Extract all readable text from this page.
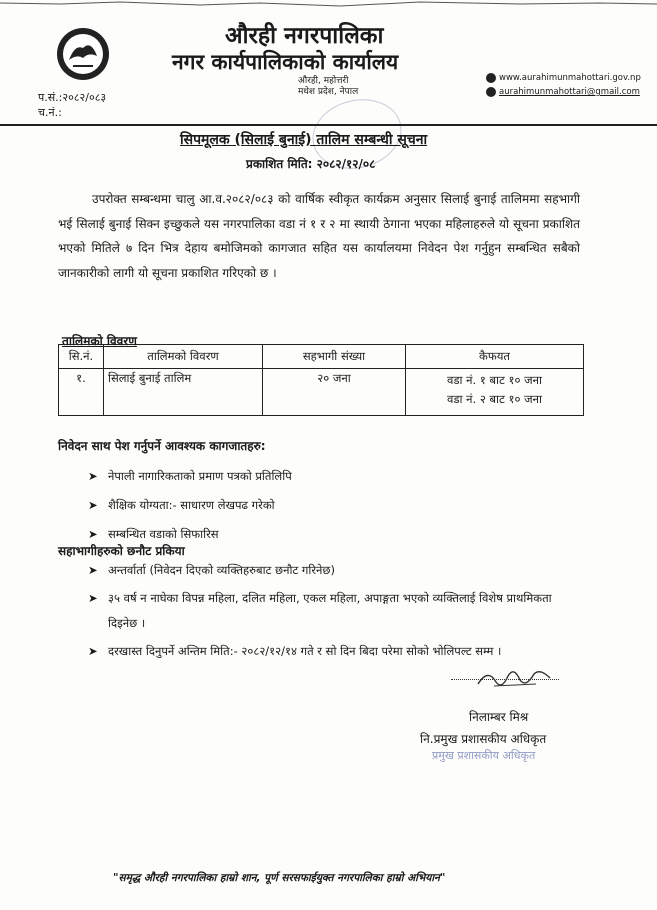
औरही नगरपालिका
नगर कार्यपालिकाको कार्यालय
औरही, महोत्तरी
मधेश प्रदेश, नेपाल
www.aurahimunmahottari.gov.np
aurahimunmahottari@gmail.com
प.सं.:२०८२/०८३
च.नं.:
सिपमूलक (सिलाई बुनाई) तालिम सम्बन्धी सूचना
प्रकाशित मिति: २०८२/१२/०८
उपरोक्त सम्बन्धमा चालु आ.व.२०८२/०८३ को वार्षिक स्वीकृत कार्यक्रम अनुसार सिलाई बुनाई तालिममा सहभागी भई सिलाई बुनाई सिक्न इच्छुकले यस नगरपालिका वडा नं १ र २ मा स्थायी ठेगाना भएका महिलाहरुले यो सूचना प्रकाशित भएको मितिले ७ दिन भित्र देहाय बमोजिमको कागजात सहित यस कार्यालयमा निवेदन पेश गर्नुहुन सम्बन्धित सबैको जानकारीको लागी यो सूचना प्रकाशित गरिएको छ ।
तालिमको विवरण
सि.नं.	तालिमको विवरण	सहभागी संख्या	कैफयत
१.	सिलाई बुनाई तालिम	२० जना	वडा नं. १ बाट १० जना
वडा नं. २ बाट १० जना
निवेदन साथ पेश गर्नुपर्ने आवश्यक कागजातहरु:
➤ नेपाली नागारिकताको प्रमाण पत्रको प्रतिलिपि
➤ शैक्षिक योग्यता:- साधारण लेखपढ गरेको
➤ सम्बन्धित वडाको सिफारिस
सहाभागीहरुको छनौट प्रकिया
➤ अन्तर्वार्ता (निवेदन दिएको व्यक्तिहरुबाट छनौट गरिनेछ)
➤ ३५ वर्ष न नाघेका विपन्न महिला, दलित महिला, एकल महिला, अपाङ्गता भएको व्यक्तिलाई विशेष प्राथमिकता दिइनेछ ।
➤ दरखास्त दिनुपर्ने अन्तिम मिति:- २०८२/१२/१४ गते र सो दिन बिदा परेमा सोको भोलिपल्ट सम्म ।
निलाम्बर मिश्र
नि.प्रमुख प्रशासकीय अधिकृत
प्रमुख प्रशासकीय अधिकृत
"समृद्ध औरही नगरपालिका हाम्रो शान, पूर्ण सरसफाईयुक्त नगरपालिका हाम्रो अभियान"
